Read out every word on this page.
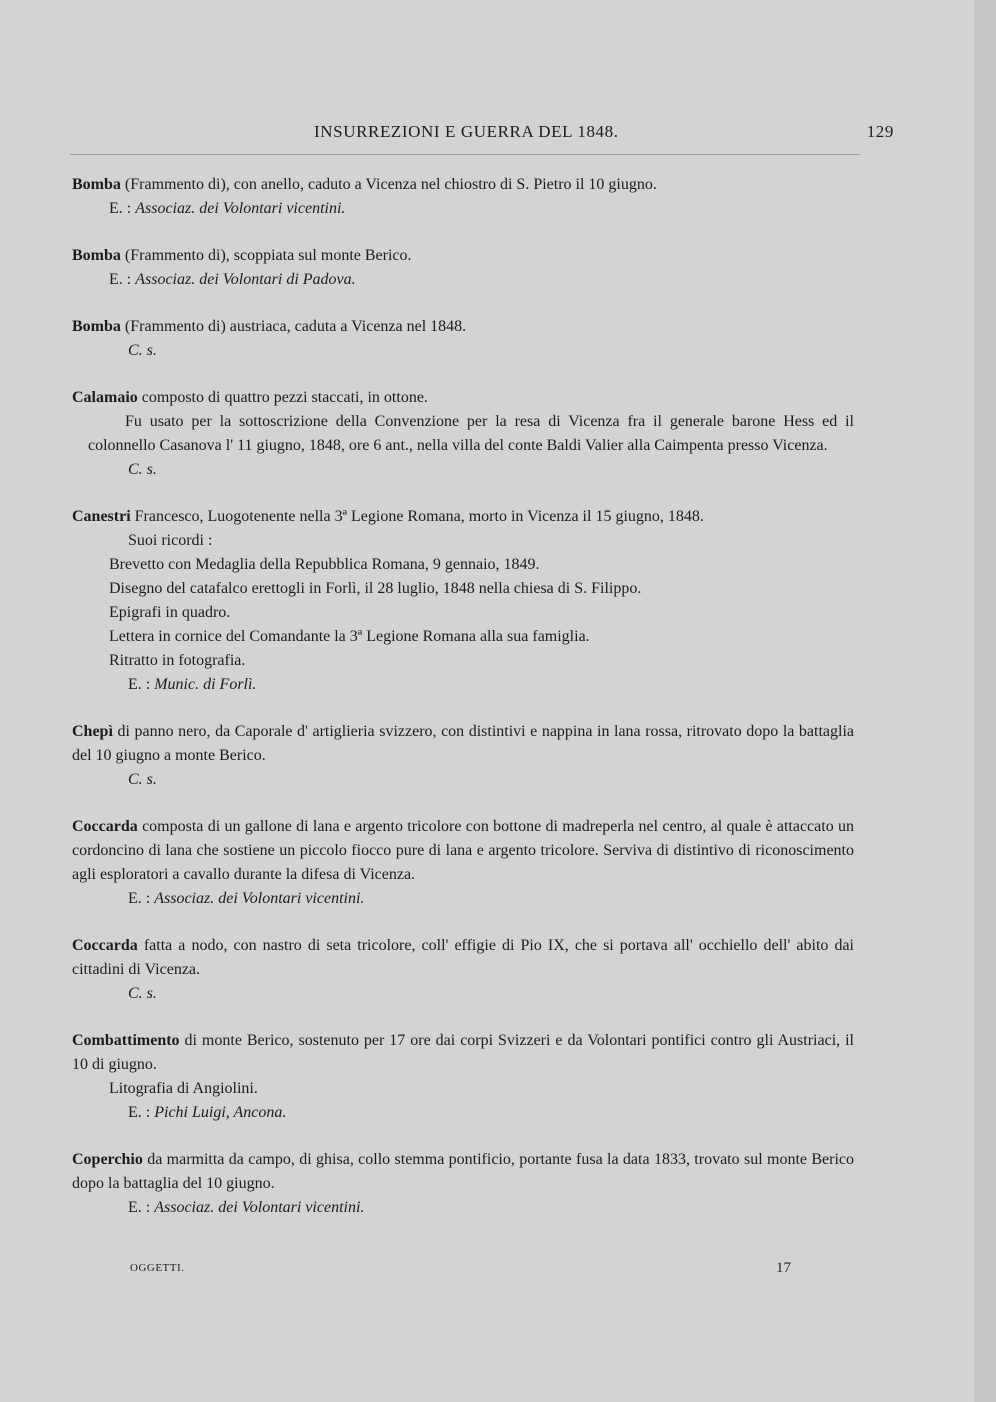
INSURREZIONI E GUERRA DEL 1848.	129

Bomba (Frammento di), con anello, caduto a Vicenza nel chiostro di S. Pietro il 10 giugno.

E. : Associaz. dei Volontari vicentini.

Bomba (Frammento di), scoppiata sul monte Berico.

E. : Associaz. dei Volontari di Padova.

Bomba (Frammento di) austriaca, caduta a Vicenza nel 1848.

C. s.

Calamaio composto di quattro pezzi staccati, in ottone.

Fu usato per la sottoscrizione della Convenzione per la resa di Vicenza fra il generale barone Hess ed il colonnello Casanova l' 11 giugno, 1848, ore 6 ant., nella villa del conte Baldi Valier alla Caimpenta presso Vicenza.

C. s.

Canestri Francesco, Luogotenente nella 3ª Legione Romana, morto in Vicenza il 15 giugno, 1848.

Suoi ricordi :

Brevetto con Medaglia della Repubblica Romana, 9 gennaio, 1849.

Disegno del catafalco erettogli in Forlì, il 28 luglio, 1848 nella chiesa di S. Filippo.

Epigrafi in quadro.

Lettera in cornice del Comandante la 3ª Legione Romana alla sua famiglia.

Ritratto in fotografia.

E. : Munic. di Forlì.

Chepì di panno nero, da Caporale d' artiglieria svizzero, con distintivi e nappina in lana rossa, ritrovato dopo la battaglia del 10 giugno a monte Berico.

C. s.

Coccarda composta di un gallone di lana e argento tricolore con bottone di madreperla nel centro, al quale è attaccato un cordoncino di lana che sostiene un piccolo fiocco pure di lana e argento tricolore. Serviva di distintivo di riconoscimento agli esploratori a cavallo durante la difesa di Vicenza.

E. : Associaz. dei Volontari vicentini.

Coccarda fatta a nodo, con nastro di seta tricolore, coll' effigie di Pio IX, che si portava all' occhiello dell' abito dai cittadini di Vicenza.

C. s.

Combattimento di monte Berico, sostenuto per 17 ore dai corpi Svizzeri e da Volontari pontifici contro gli Austriaci, il 10 di giugno.

Litografia di Angiolini.

E. : Pichi Luigi, Ancona.

Coperchio da marmitta da campo, di ghisa, collo stemma pontificio, portante fusa la data 1833, trovato sul monte Berico dopo la battaglia del 10 giugno.

E. : Associaz. dei Volontari vicentini.

OGGETTI.	17
